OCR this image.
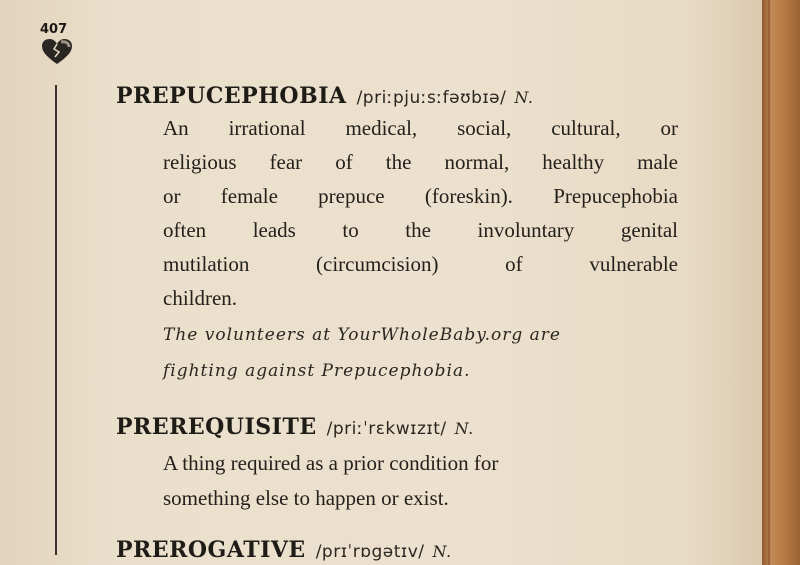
407
PREPUCEPHOBIA /priːpjuːsːfəʊbɪə/ N.
An irrational medical, social, cultural, or
religious fear of the normal, healthy male
or female prepuce (foreskin). Prepucephobia
often leads to the involuntary genital
mutilation (circumcision) of vulnerable
children.
The volunteers at YourWholeBaby.org are
fighting against Prepucephobia.
PREREQUISITE /priːˈrɛkwɪzɪt/ N.
A thing required as a prior condition for
something else to happen or exist.
PREROGATIVE /prɪˈrɒgətɪv/ N.
